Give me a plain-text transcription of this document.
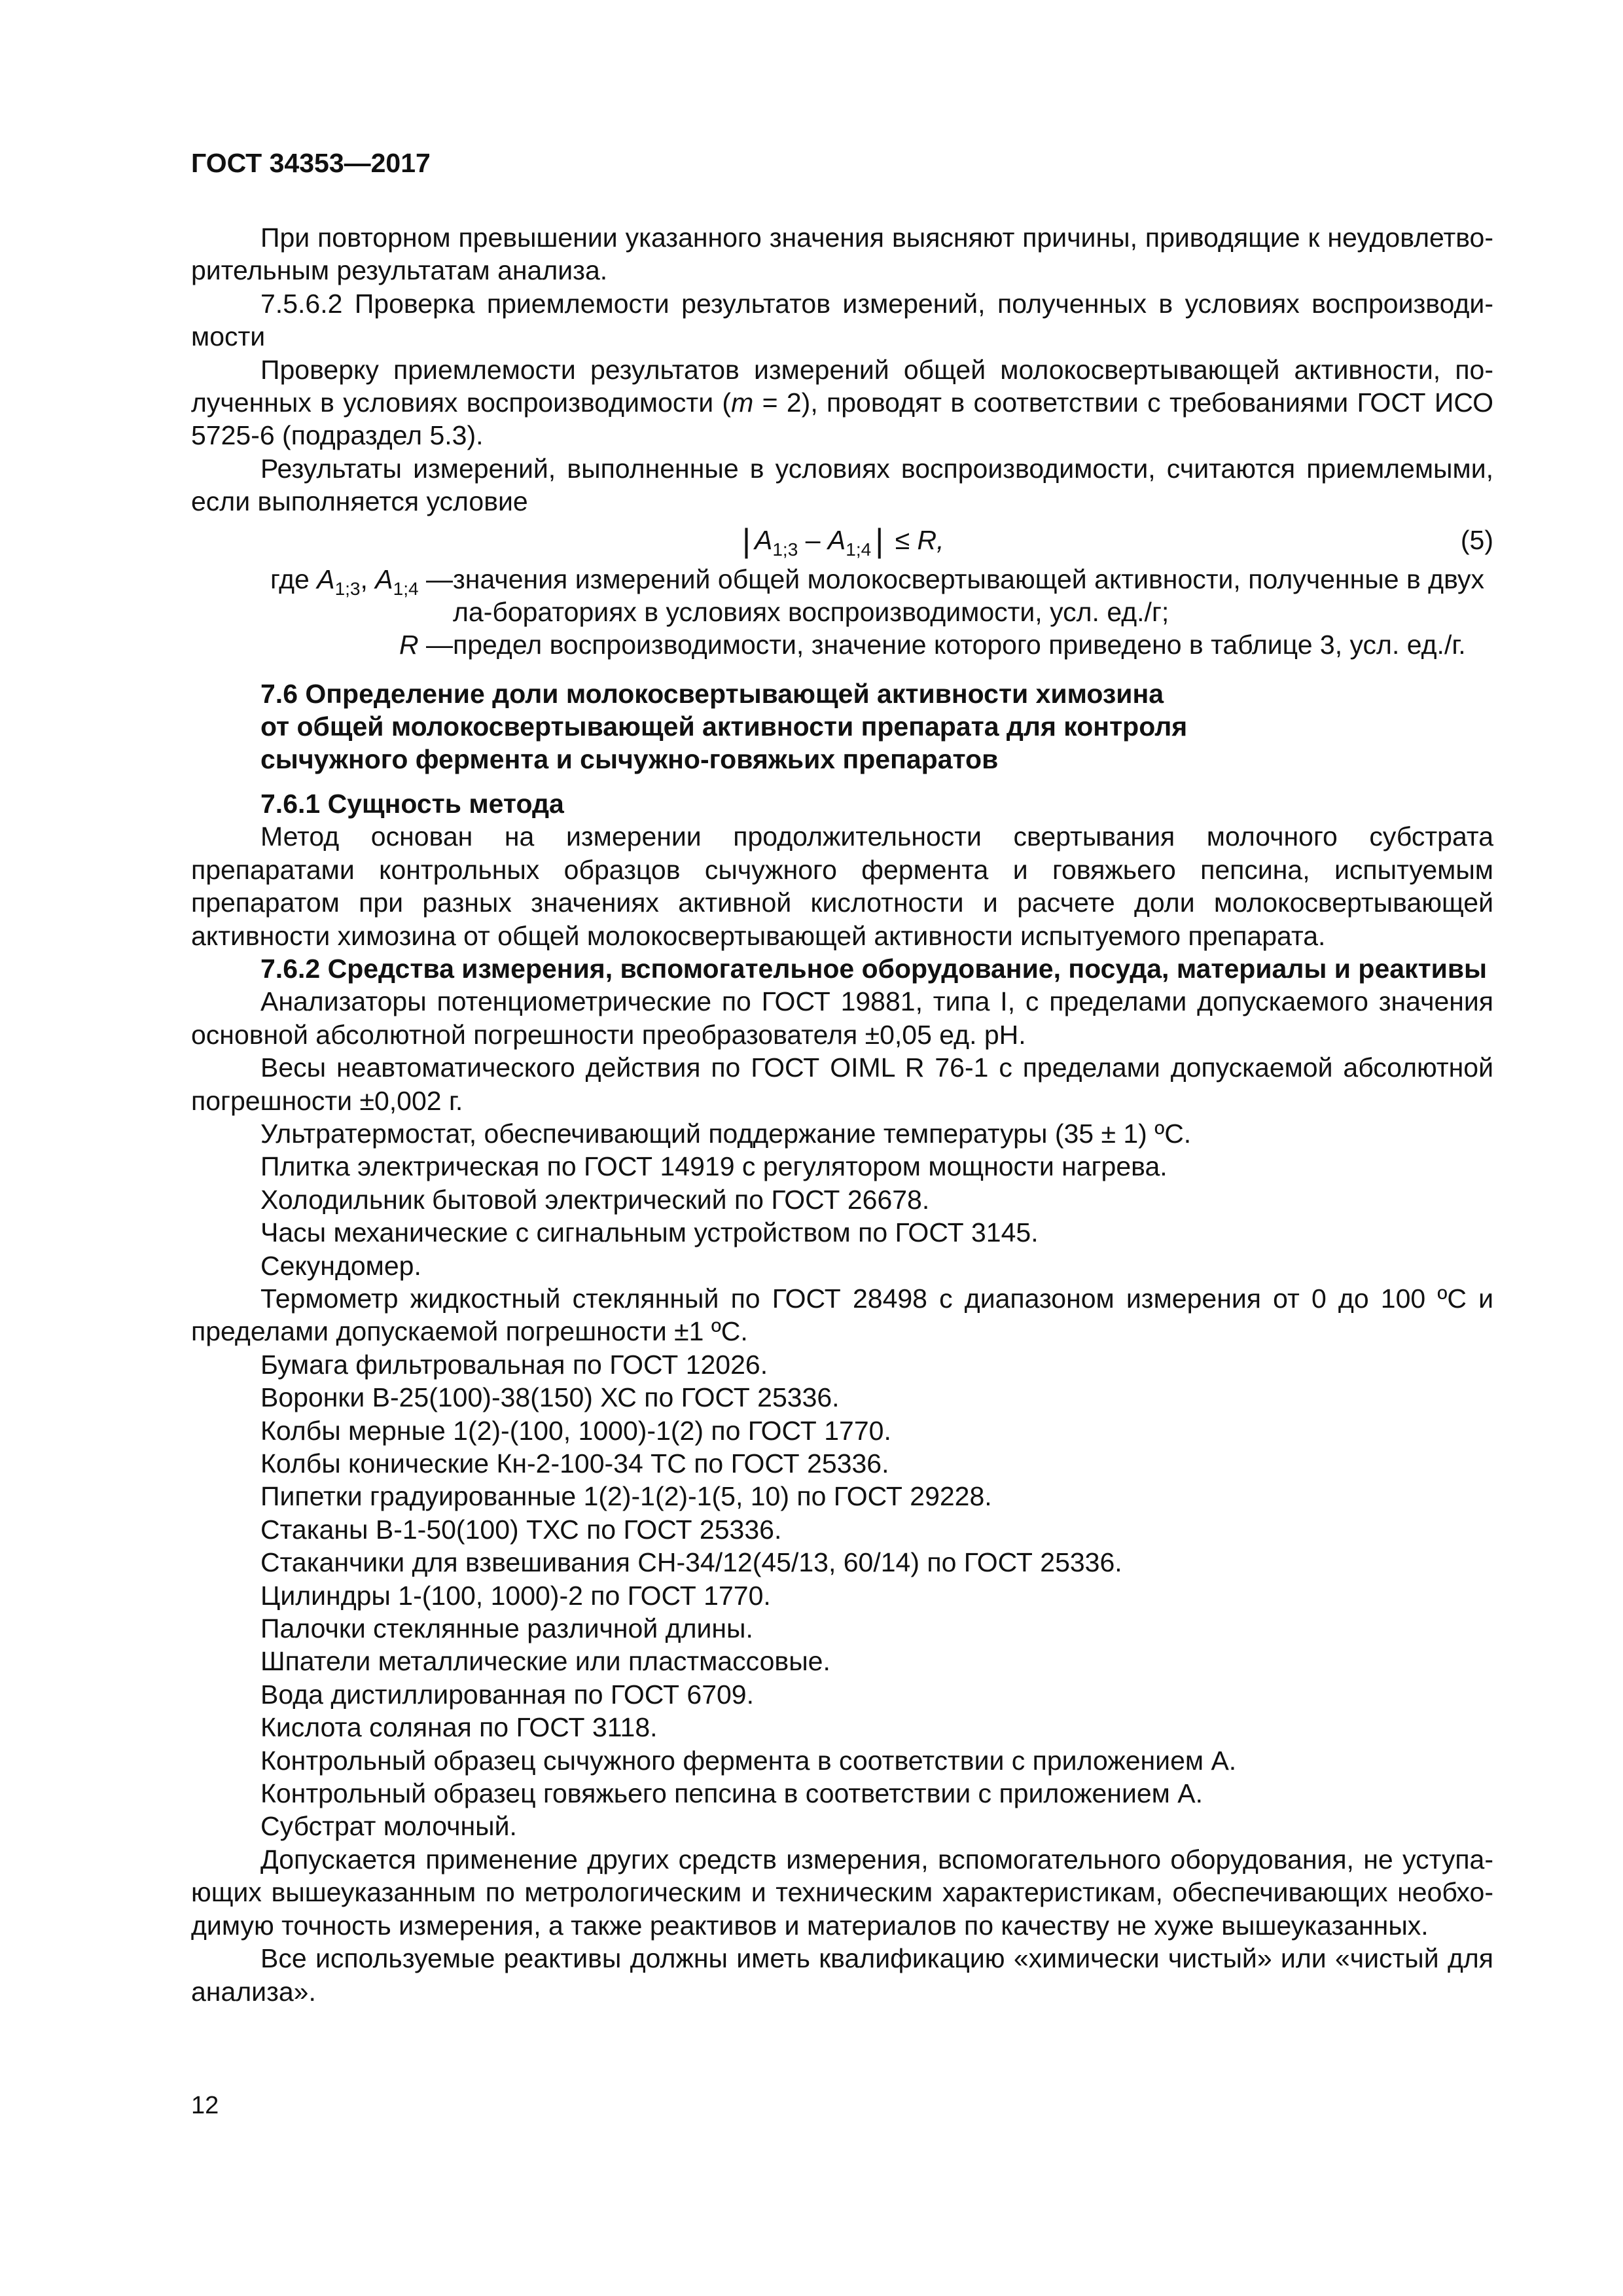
ГОСТ 34353—2017

При повторном превышении указанного значения выясняют причины, приводящие к неудовлетво-рительным результатам анализа.

7.5.6.2 Проверка приемлемости результатов измерений, полученных в условиях воспроизводи-мости

Проверку приемлемости результатов измерений общей молокосвертывающей активности, по-лученных в условиях воспроизводимости (m = 2), проводят в соответствии с требованиями ГОСТ ИСО 5725-6 (подраздел 5.3).

Результаты измерений, выполненные в условиях воспроизводимости, считаются приемлемыми, если выполняется условие

| $A_{1;3} - A_{1;4}$ | ≤ R,	(5)
где $A_{1;3}$, $A_{1;4}$ —значения измерений общей молокосвертывающей активности, полученные в двух ла-бораториях в условиях воспроизводимости, усл. ед./г;
R —предел воспроизводимости, значение которого приведено в таблице 3, усл. ед./г.
7.6 Определение доли молокосвертывающей активности химозина
от общей молокосвертывающей активности препарата для контроля
сычужного фермента и сычужно-говяжьих препаратов
7.6.1 Сущность метода

Метод основан на измерении продолжительности свертывания молочного субстрата препаратами контрольных образцов сычужного фермента и говяжьего пепсина, испытуемым препаратом при разных значениях активной кислотности и расчете доли молокосвертывающей активности химозина от общей молокосвертывающей активности испытуемого препарата.

7.6.2 Средства измерения, вспомогательное оборудование, посуда, материалы и реактивы

Анализаторы потенциометрические по ГОСТ 19881, типа I, с пределами допускаемого значения основной абсолютной погрешности преобразователя ±0,05 ед. pH.

Весы неавтоматического действия по ГОСТ OIML R 76-1 с пределами допускаемой абсолютной погрешности ±0,002 г.

Ультратермостат, обеспечивающий поддержание температуры (35 ± 1) ºС.

Плитка электрическая по ГОСТ 14919 с регулятором мощности нагрева.

Холодильник бытовой электрический по ГОСТ 26678.

Часы механические с сигнальным устройством по ГОСТ 3145.

Секундомер.

Термометр жидкостный стеклянный по ГОСТ 28498 с диапазоном измерения от 0 до 100 ºС и пределами допускаемой погрешности ±1 ºС.

Бумага фильтровальная по ГОСТ 12026.

Воронки В-25(100)-38(150) ХС по ГОСТ 25336.

Колбы мерные 1(2)-(100, 1000)-1(2) по ГОСТ 1770.

Колбы конические Кн-2-100-34 ТС по ГОСТ 25336.

Пипетки градуированные 1(2)-1(2)-1(5, 10) по ГОСТ 29228.

Стаканы В-1-50(100) ТХС по ГОСТ 25336.

Стаканчики для взвешивания СН-34/12(45/13, 60/14) по ГОСТ 25336.

Цилиндры 1-(100, 1000)-2 по ГОСТ 1770.

Палочки стеклянные различной длины.

Шпатели металлические или пластмассовые.

Вода дистиллированная по ГОСТ 6709.

Кислота соляная по ГОСТ 3118.

Контрольный образец сычужного фермента в соответствии с приложением А.

Контрольный образец говяжьего пепсина в соответствии с приложением А.

Субстрат молочный.

Допускается применение других средств измерения, вспомогательного оборудования, не уступа-ющих вышеуказанным по метрологическим и техническим характеристикам, обеспечивающих необхо-димую точность измерения, а также реактивов и материалов по качеству не хуже вышеуказанных.

Все используемые реактивы должны иметь квалификацию «химически чистый» или «чистый для анализа».

12
